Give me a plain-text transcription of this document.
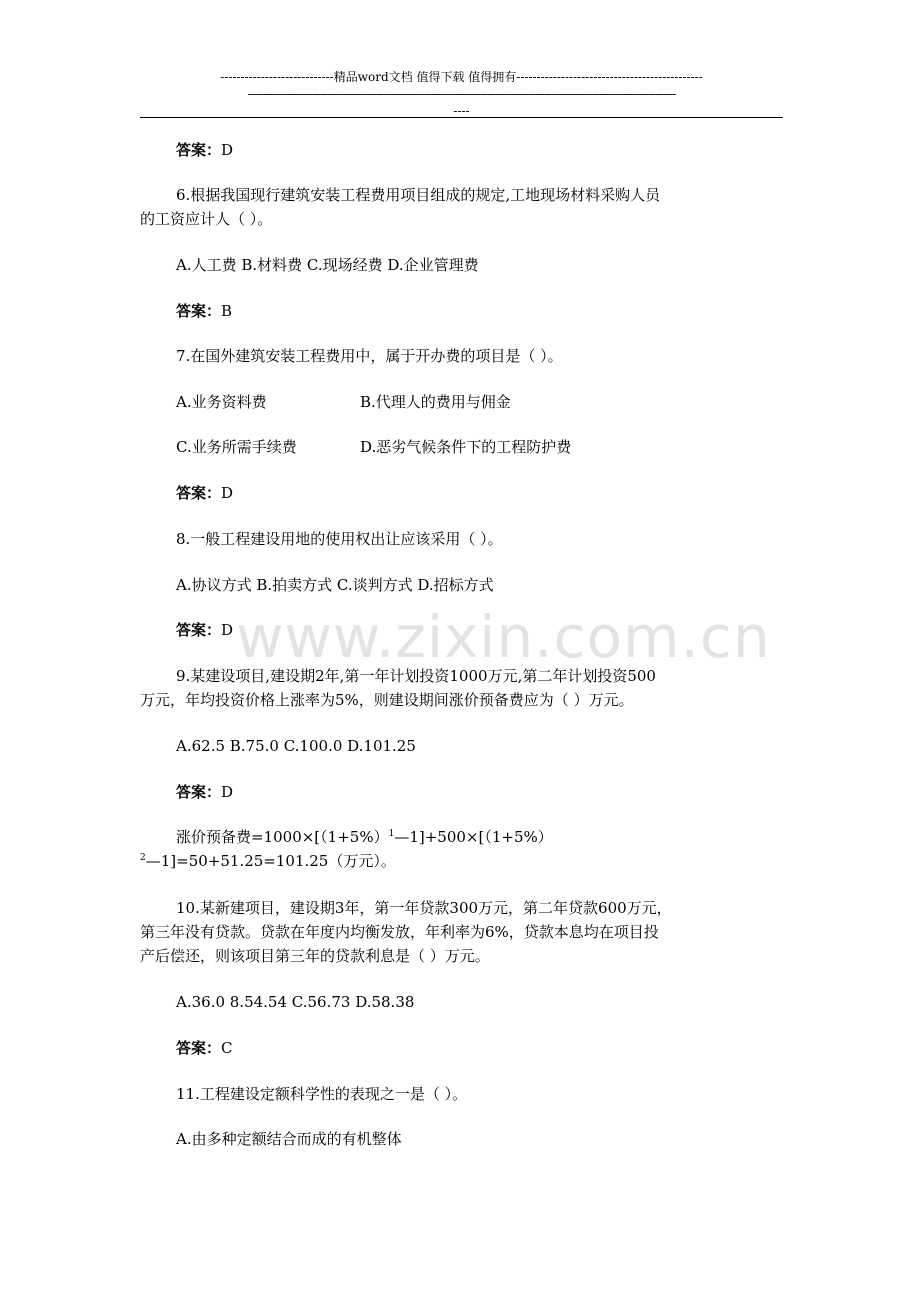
----------------------------精品word文档 值得下载 值得拥有----------------------------------------------
--------------------------------------------------------------------------------------------------------------------------------------------
----
www.zixin.com.cn
答案：D
6.根据我国现行建筑安装工程费用项目组成的规定,工地现场材料采购人员
的工资应计人（ ）。
A.人工费 B.材料费 C.现场经费 D.企业管理费
答案：B
7.在国外建筑安装工程费用中，属于开办费的项目是（ ）。
A.业务资料费	B.代理人的费用与佣金
C.业务所需手续费	D.恶劣气候条件下的工程防护费
答案：D
8.一般工程建设用地的使用权出让应该采用（ ）。
A.协议方式 B.拍卖方式 C.谈判方式 D.招标方式
答案：D
9.某建设项目,建设期2年,第一年计划投资1000万元,第二年计划投资500
万元，年均投资价格上涨率为5%，则建设期间涨价预备费应为（ ）万元。
A.62.5 B.75.0 C.100.0 D.101.25
答案：D
涨价预备费$=1000\times[(1+5\%)^1—1]+500\times[(1+5\%)$
$^2$—1]=50+51.25=101.25（万元）。
10.某新建项目，建设期3年，第一年贷款300万元，第二年贷款600万元，
第三年没有贷款。贷款在年度内均衡发放，年利率为6%，贷款本息均在项目投
产后偿还，则该项目第三年的贷款利息是（ ）万元。
A.36.0 8.54.54 C.56.73 D.58.38
答案：C
11.工程建设定额科学性的表现之一是（ ）。
A.由多种定额结合而成的有机整体
